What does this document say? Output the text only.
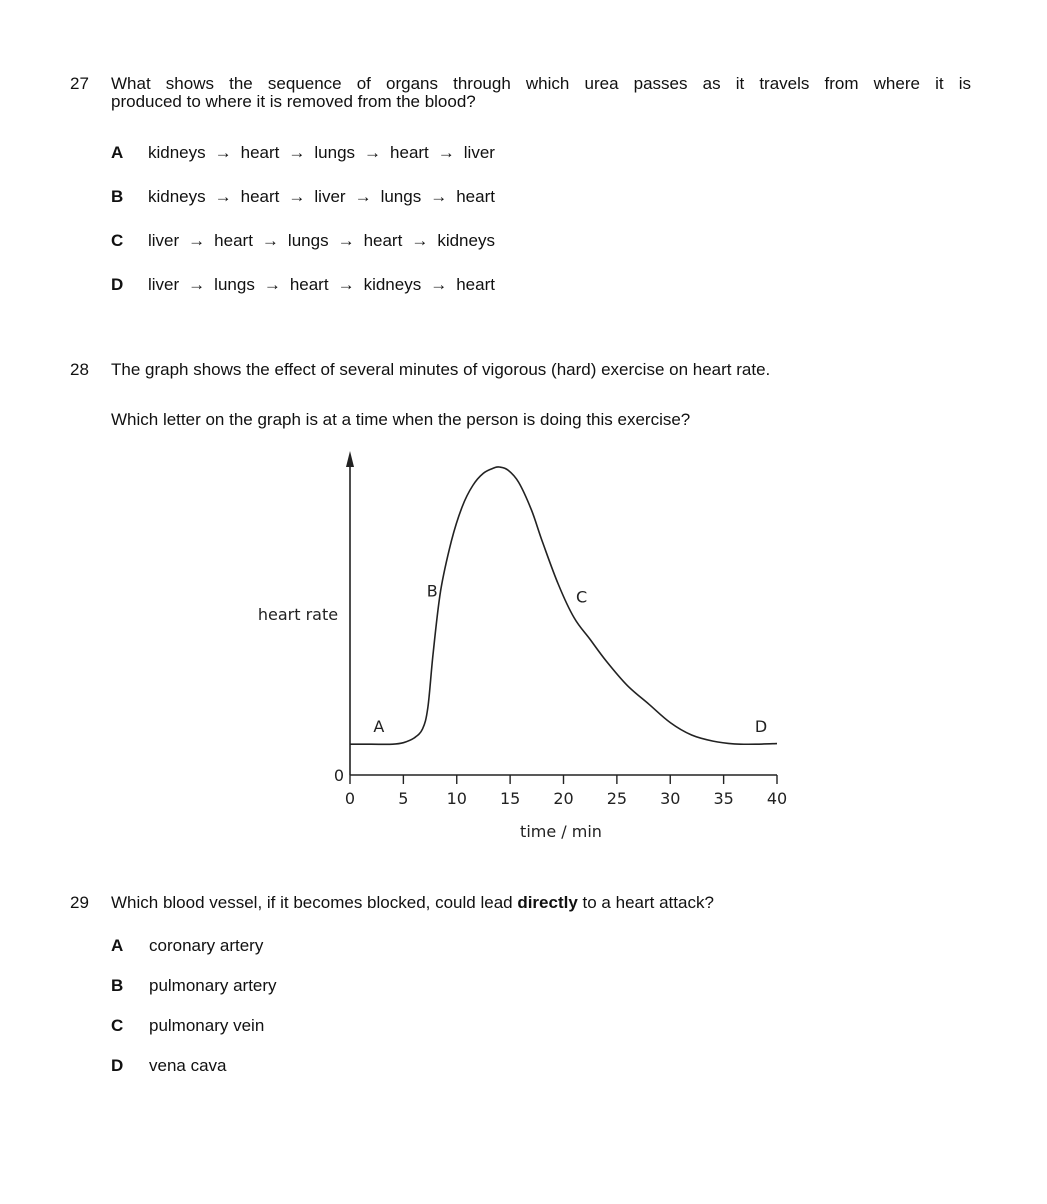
27 What shows the sequence of organs through which urea passes as it travels from where it is
produced to where it is removed from the blood?
A kidneys → heart → lungs → heart → liver
B kidneys → heart → liver → lungs → heart
C liver → heart → lungs → heart → kidneys
D liver → lungs → heart → kidneys → heart
28 The graph shows the effect of several minutes of vigorous (hard) exercise on heart rate.
Which letter on the graph is at a time when the person is doing this exercise?
0	5 10 15 20 25 30 35 40
0
heart rate
time / min
A
B	C
D
29 Which blood vessel, if it becomes blocked, could lead directly to a heart attack?
A coronary artery
B pulmonary artery
C pulmonary vein
D vena cava
